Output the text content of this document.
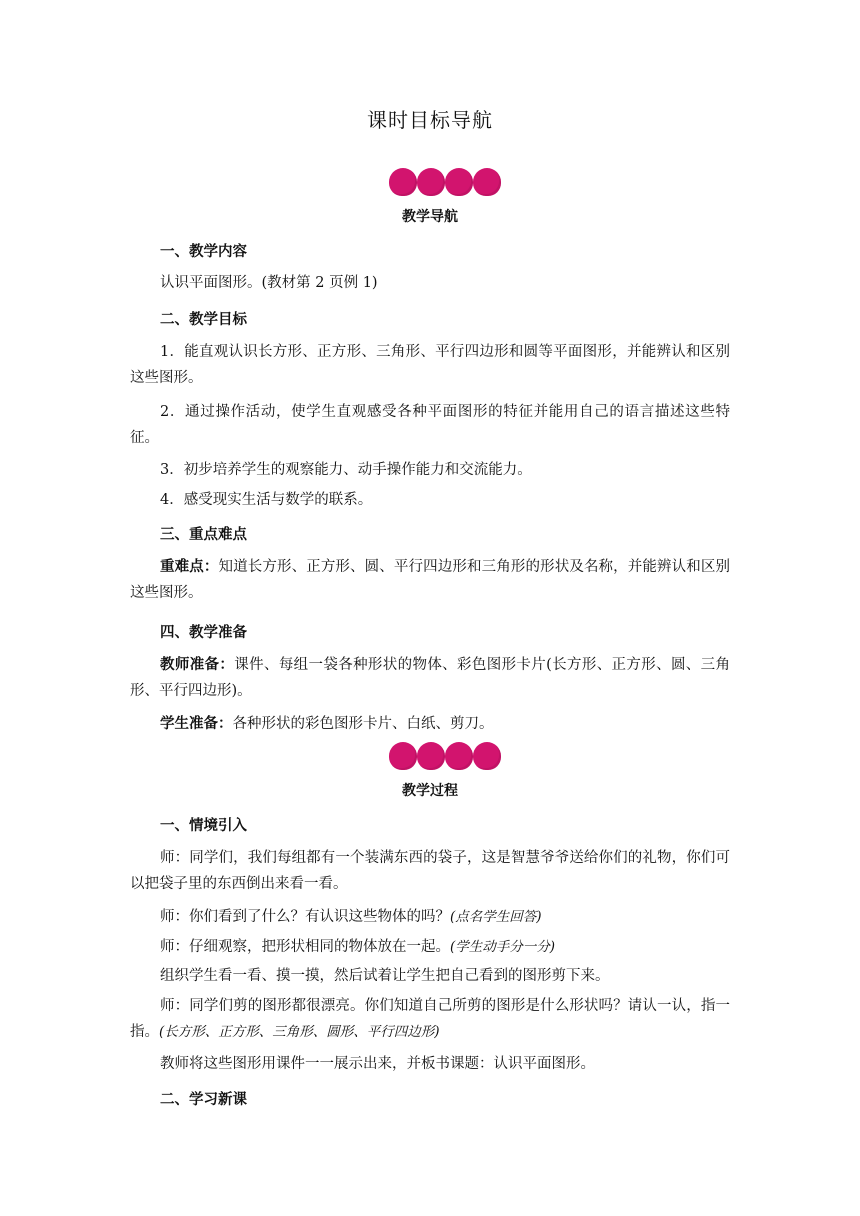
课时目标导航
教学导航
一、教学内容
认识平面图形。(教材第 2 页例 1)
二、教学目标
1．能直观认识长方形、正方形、三角形、平行四边形和圆等平面图形，并能辨认和区别这些图形。
2．通过操作活动，使学生直观感受各种平面图形的特征并能用自己的语言描述这些特征。
3．初步培养学生的观察能力、动手操作能力和交流能力。
4．感受现实生活与数学的联系。
三、重点难点
重难点：知道长方形、正方形、圆、平行四边形和三角形的形状及名称，并能辨认和区别这些图形。
四、教学准备
教师准备：课件、每组一袋各种形状的物体、彩色图形卡片(长方形、正方形、圆、三角形、平行四边形)。
学生准备：各种形状的彩色图形卡片、白纸、剪刀。
教学过程
一、情境引入
师：同学们，我们每组都有一个装满东西的袋子，这是智慧爷爷送给你们的礼物，你们可以把袋子里的东西倒出来看一看。
师：你们看到了什么？有认识这些物体的吗？(点名学生回答)
师：仔细观察，把形状相同的物体放在一起。(学生动手分一分)
组织学生看一看、摸一摸，然后试着让学生把自己看到的图形剪下来。
师：同学们剪的图形都很漂亮。你们知道自己所剪的图形是什么形状吗？请认一认，指一指。(长方形、正方形、三角形、圆形、平行四边形)
教师将这些图形用课件一一展示出来，并板书课题：认识平面图形。
二、学习新课
